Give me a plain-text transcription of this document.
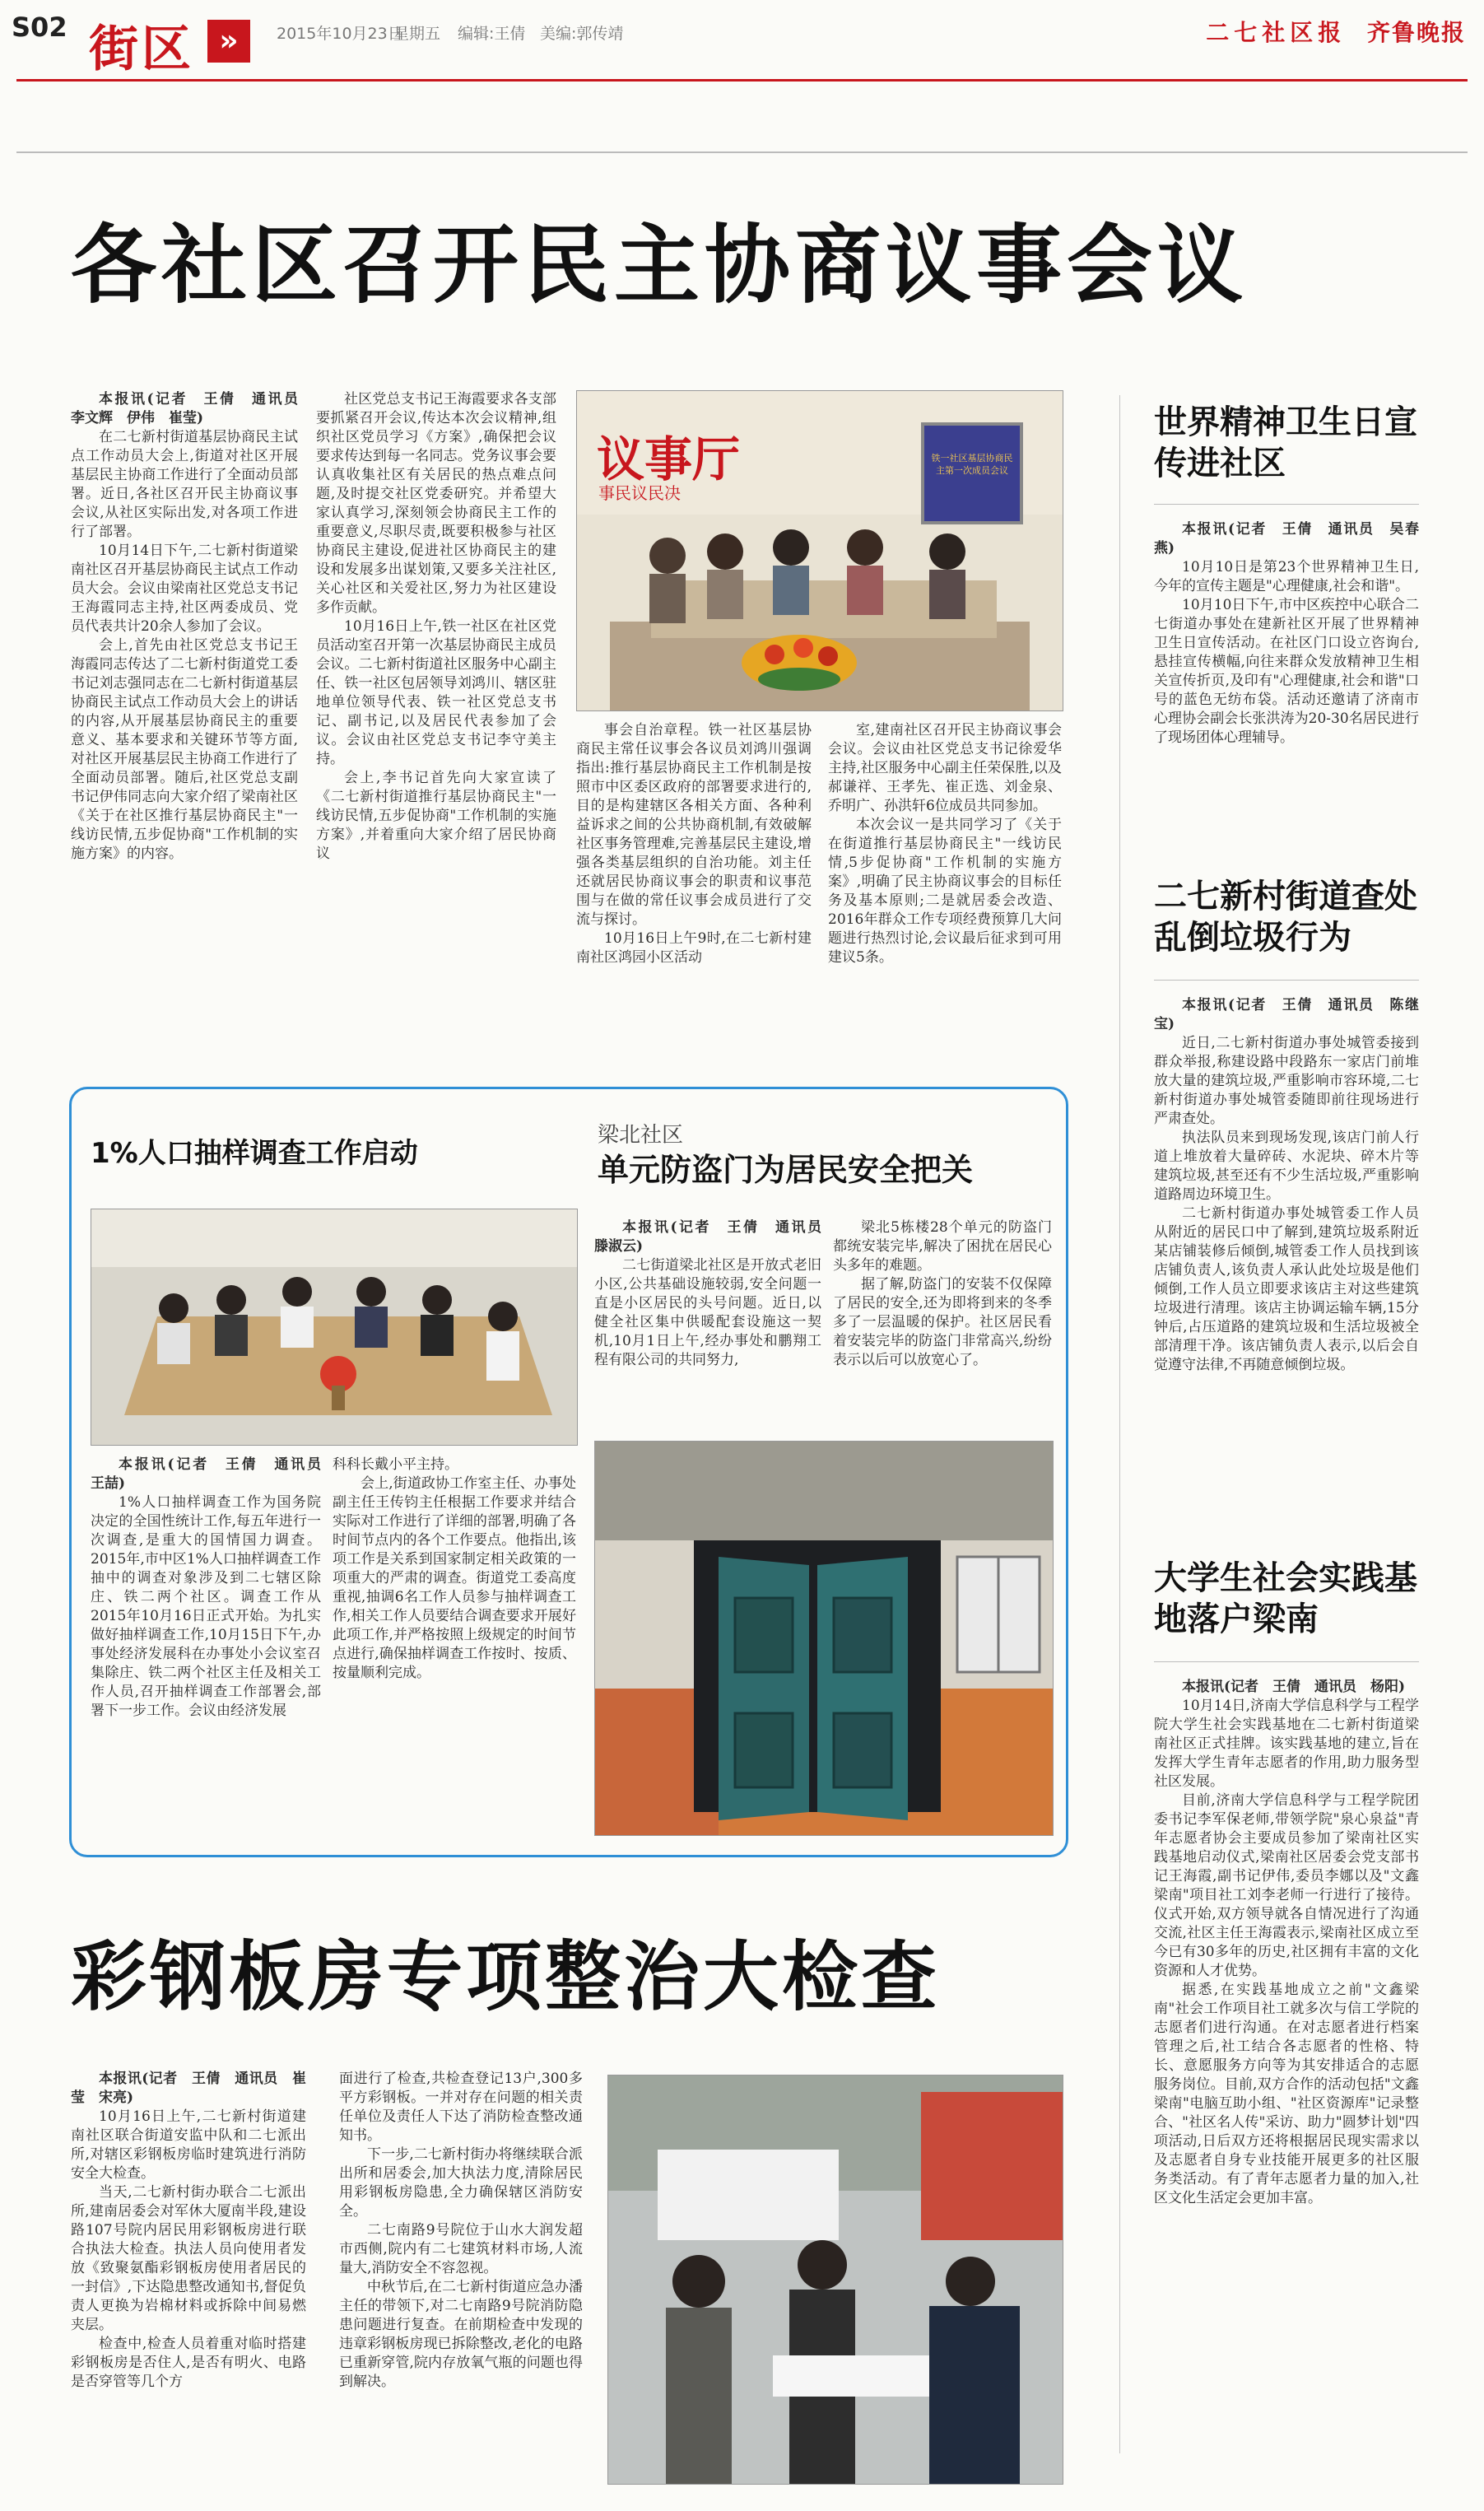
S02 街区 »	2015年10月23日
星期五 编辑:王倩 美编:郭传靖	二七社区报 齐鲁晚报
各社区召开民主协商议事会议

本报讯(记者　王倩　通讯员　李文辉　伊伟　崔莹)

在二七新村街道基层协商民主试点工作动员大会上,街道对社区开展基层民主协商工作进行了全面动员部署。近日,各社区召开民主协商议事会议,从社区实际出发,对各项工作进行了部署。

10月14日下午,二七新村街道梁南社区召开基层协商民主试点工作动员大会。会议由梁南社区党总支书记王海霞同志主持,社区两委成员、党员代表共计20余人参加了会议。

会上,首先由社区党总支书记王海霞同志传达了二七新村街道党工委书记刘志强同志在二七新村街道基层协商民主试点工作动员大会上的讲话的内容,从开展基层协商民主的重要意义、基本要求和关键环节等方面,对社区开展基层民主协商工作进行了全面动员部署。随后,社区党总支副书记伊伟同志向大家介绍了梁南社区《关于在社区推行基层协商民主"一线访民情,五步促协商"工作机制的实施方案》的内容。

社区党总支书记王海霞要求各支部要抓紧召开会议,传达本次会议精神,组织社区党员学习《方案》,确保把会议要求传达到每一名同志。党务议事会要认真收集社区有关居民的热点难点问题,及时提交社区党委研究。并希望大家认真学习,深刻领会协商民主工作的重要意义,尽职尽责,既要积极参与社区协商民主建设,促进社区协商民主的建设和发展多出谋划策,又要多关注社区,关心社区和关爱社区,努力为社区建设多作贡献。

10月16日上午,铁一社区在社区党员活动室召开第一次基层协商民主成员会议。二七新村街道社区服务中心副主任、铁一社区包居领导刘鸿川、辖区驻地单位领导代表、铁一社区党总支书记、副书记,以及居民代表参加了会议。会议由社区党总支书记李守美主持。

会上,李书记首先向大家宣读了《二七新村街道推行基层协商民主"一线访民情,五步促协商"工作机制的实施方案》,并着重向大家介绍了居民协商议

议事厅
事民议民决
铁一社区基层协商民主第一次成员会议

事会自治章程。铁一社区基层协商民主常任议事会各议员刘鸿川强调指出:推行基层协商民主工作机制是按照市中区委区政府的部署要求进行的,目的是构建辖区各相关方面、各种利益诉求之间的公共协商机制,有效破解社区事务管理难,完善基层民主建设,增强各类基层组织的自治功能。刘主任还就居民协商议事会的职责和议事范围与在做的常任议事会成员进行了交流与探讨。

10月16日上午9时,在二七新村建南社区鸿园小区活动

室,建南社区召开民主协商议事会会议。会议由社区党总支书记徐爱华主持,社区服务中心副主任荣保胜,以及郝谦祥、王孝先、崔正选、刘金泉、乔明广、孙洪轩6位成员共同参加。

本次会议一是共同学习了《关于在街道推行基层协商民主"一线访民情,5步促协商"工作机制的实施方案》,明确了民主协商议事会的目标任务及基本原则;二是就居委会改造、2016年群众工作专项经费预算几大问题进行热烈讨论,会议最后征求到可用建议5条。

世界精神卫生日宣传进社区

本报讯(记者　王倩　通讯员　吴春燕)

10月10日是第23个世界精神卫生日,今年的宣传主题是"心理健康,社会和谐"。

10月10日下午,市中区疾控中心联合二七街道办事处在建新社区开展了世界精神卫生日宣传活动。在社区门口设立咨询台,悬挂宣传横幅,向往来群众发放精神卫生相关宣传折页,及印有"心理健康,社会和谐"口号的蓝色无纺布袋。活动还邀请了济南市心理协会副会长张洪涛为20-30名居民进行了现场团体心理辅导。

二七新村街道查处乱倒垃圾行为

本报讯(记者　王倩　通讯员　陈继宝)

近日,二七新村街道办事处城管委接到群众举报,称建设路中段路东一家店门前堆放大量的建筑垃圾,严重影响市容环境,二七新村街道办事处城管委随即前往现场进行严肃查处。

执法队员来到现场发现,该店门前人行道上堆放着大量碎砖、水泥块、碎木片等建筑垃圾,甚至还有不少生活垃圾,严重影响道路周边环境卫生。

二七新村街道办事处城管委工作人员从附近的居民口中了解到,建筑垃圾系附近某店铺装修后倾倒,城管委工作人员找到该店铺负责人,该负责人承认此处垃圾是他们倾倒,工作人员立即要求该店主对这些建筑垃圾进行清理。该店主协调运输车辆,15分钟后,占压道路的建筑垃圾和生活垃圾被全部清理干净。该店铺负责人表示,以后会自觉遵守法律,不再随意倾倒垃圾。

大学生社会实践基地落户梁南

本报讯(记者　王倩　通讯员　杨阳)

10月14日,济南大学信息科学与工程学院大学生社会实践基地在二七新村街道梁南社区正式挂牌。该实践基地的建立,旨在发挥大学生青年志愿者的作用,助力服务型社区发展。

目前,济南大学信息科学与工程学院团委书记李军保老师,带领学院"泉心泉益"青年志愿者协会主要成员参加了梁南社区实践基地启动仪式,梁南社区居委会党支部书记王海霞,副书记伊伟,委员李娜以及"文鑫梁南"项目社工刘李老师一行进行了接待。仪式开始,双方领导就各自情况进行了沟通交流,社区主任王海霞表示,梁南社区成立至今已有30多年的历史,社区拥有丰富的文化资源和人才优势。

据悉,在实践基地成立之前"文鑫梁南"社会工作项目社工就多次与信工学院的志愿者们进行沟通。在对志愿者进行档案管理之后,社工结合各志愿者的性格、特长、意愿服务方向等为其安排适合的志愿服务岗位。目前,双方合作的活动包括"文鑫梁南"电脑互助小组、"社区资源库"记录整合、"社区名人传"采访、助力"圆梦计划"四项活动,日后双方还将根据居民现实需求以及志愿者自身专业技能开展更多的社区服务类活动。有了青年志愿者力量的加入,社区文化生活定会更加丰富。

1%人口抽样调查工作启动

本报讯(记者　王倩　通讯员　王喆)

1%人口抽样调查工作为国务院决定的全国性统计工作,每五年进行一次调查,是重大的国情国力调查。2015年,市中区1%人口抽样调查工作抽中的调查对象涉及到二七辖区除庄、铁二两个社区。调查工作从2015年10月16日正式开始。为扎实做好抽样调查工作,10月15日下午,办事处经济发展科在办事处小会议室召集除庄、铁二两个社区主任及相关工作人员,召开抽样调查工作部署会,部署下一步工作。会议由经济发展

科科长戴小平主持。

会上,街道政协工作室主任、办事处副主任王传钧主任根据工作要求并结合实际对工作进行了详细的部署,明确了各时间节点内的各个工作要点。他指出,该项工作是关系到国家制定相关政策的一项重大的严肃的调查。街道党工委高度重视,抽调6名工作人员参与抽样调查工作,相关工作人员要结合调查要求开展好此项工作,并严格按照上级规定的时间节点进行,确保抽样调查工作按时、按质、按量顺利完成。

梁北社区
单元防盗门为居民安全把关

本报讯(记者　王倩　通讯员　滕淑云)

二七街道梁北社区是开放式老旧小区,公共基础设施较弱,安全问题一直是小区居民的头号问题。近日,以健全社区集中供暖配套设施这一契机,10月1日上午,经办事处和鹏翔工程有限公司的共同努力,

梁北5栋楼28个单元的防盗门都统安装完毕,解决了困扰在居民心头多年的难题。

据了解,防盗门的安装不仅保障了居民的安全,还为即将到来的冬季多了一层温暖的保护。社区居民看着安装完毕的防盗门非常高兴,纷纷表示以后可以放宽心了。

彩钢板房专项整治大检查

本报讯(记者　王倩　通讯员　崔莹　宋亮)

10月16日上午,二七新村街道建南社区联合街道安监中队和二七派出所,对辖区彩钢板房临时建筑进行消防安全大检查。

当天,二七新村街办联合二七派出所,建南居委会对军休大厦南半段,建设路107号院内居民用彩钢板房进行联合执法大检查。执法人员向使用者发放《致聚氨酯彩钢板房使用者居民的一封信》,下达隐患整改通知书,督促负责人更换为岩棉材料或拆除中间易燃夹层。

检查中,检查人员着重对临时搭建彩钢板房是否住人,是否有明火、电路是否穿管等几个方

面进行了检查,共检查登记13户,300多平方彩钢板。一并对存在问题的相关责任单位及责任人下达了消防检查整改通知书。

下一步,二七新村街办将继续联合派出所和居委会,加大执法力度,清除居民用彩钢板房隐患,全力确保辖区消防安全。

二七南路9号院位于山水大润发超市西侧,院内有二七建筑材料市场,人流量大,消防安全不容忽视。

中秋节后,在二七新村街道应急办潘主任的带领下,对二七南路9号院消防隐患问题进行复查。在前期检查中发现的违章彩钢板房现已拆除整改,老化的电路已重新穿管,院内存放氧气瓶的问题也得到解决。
